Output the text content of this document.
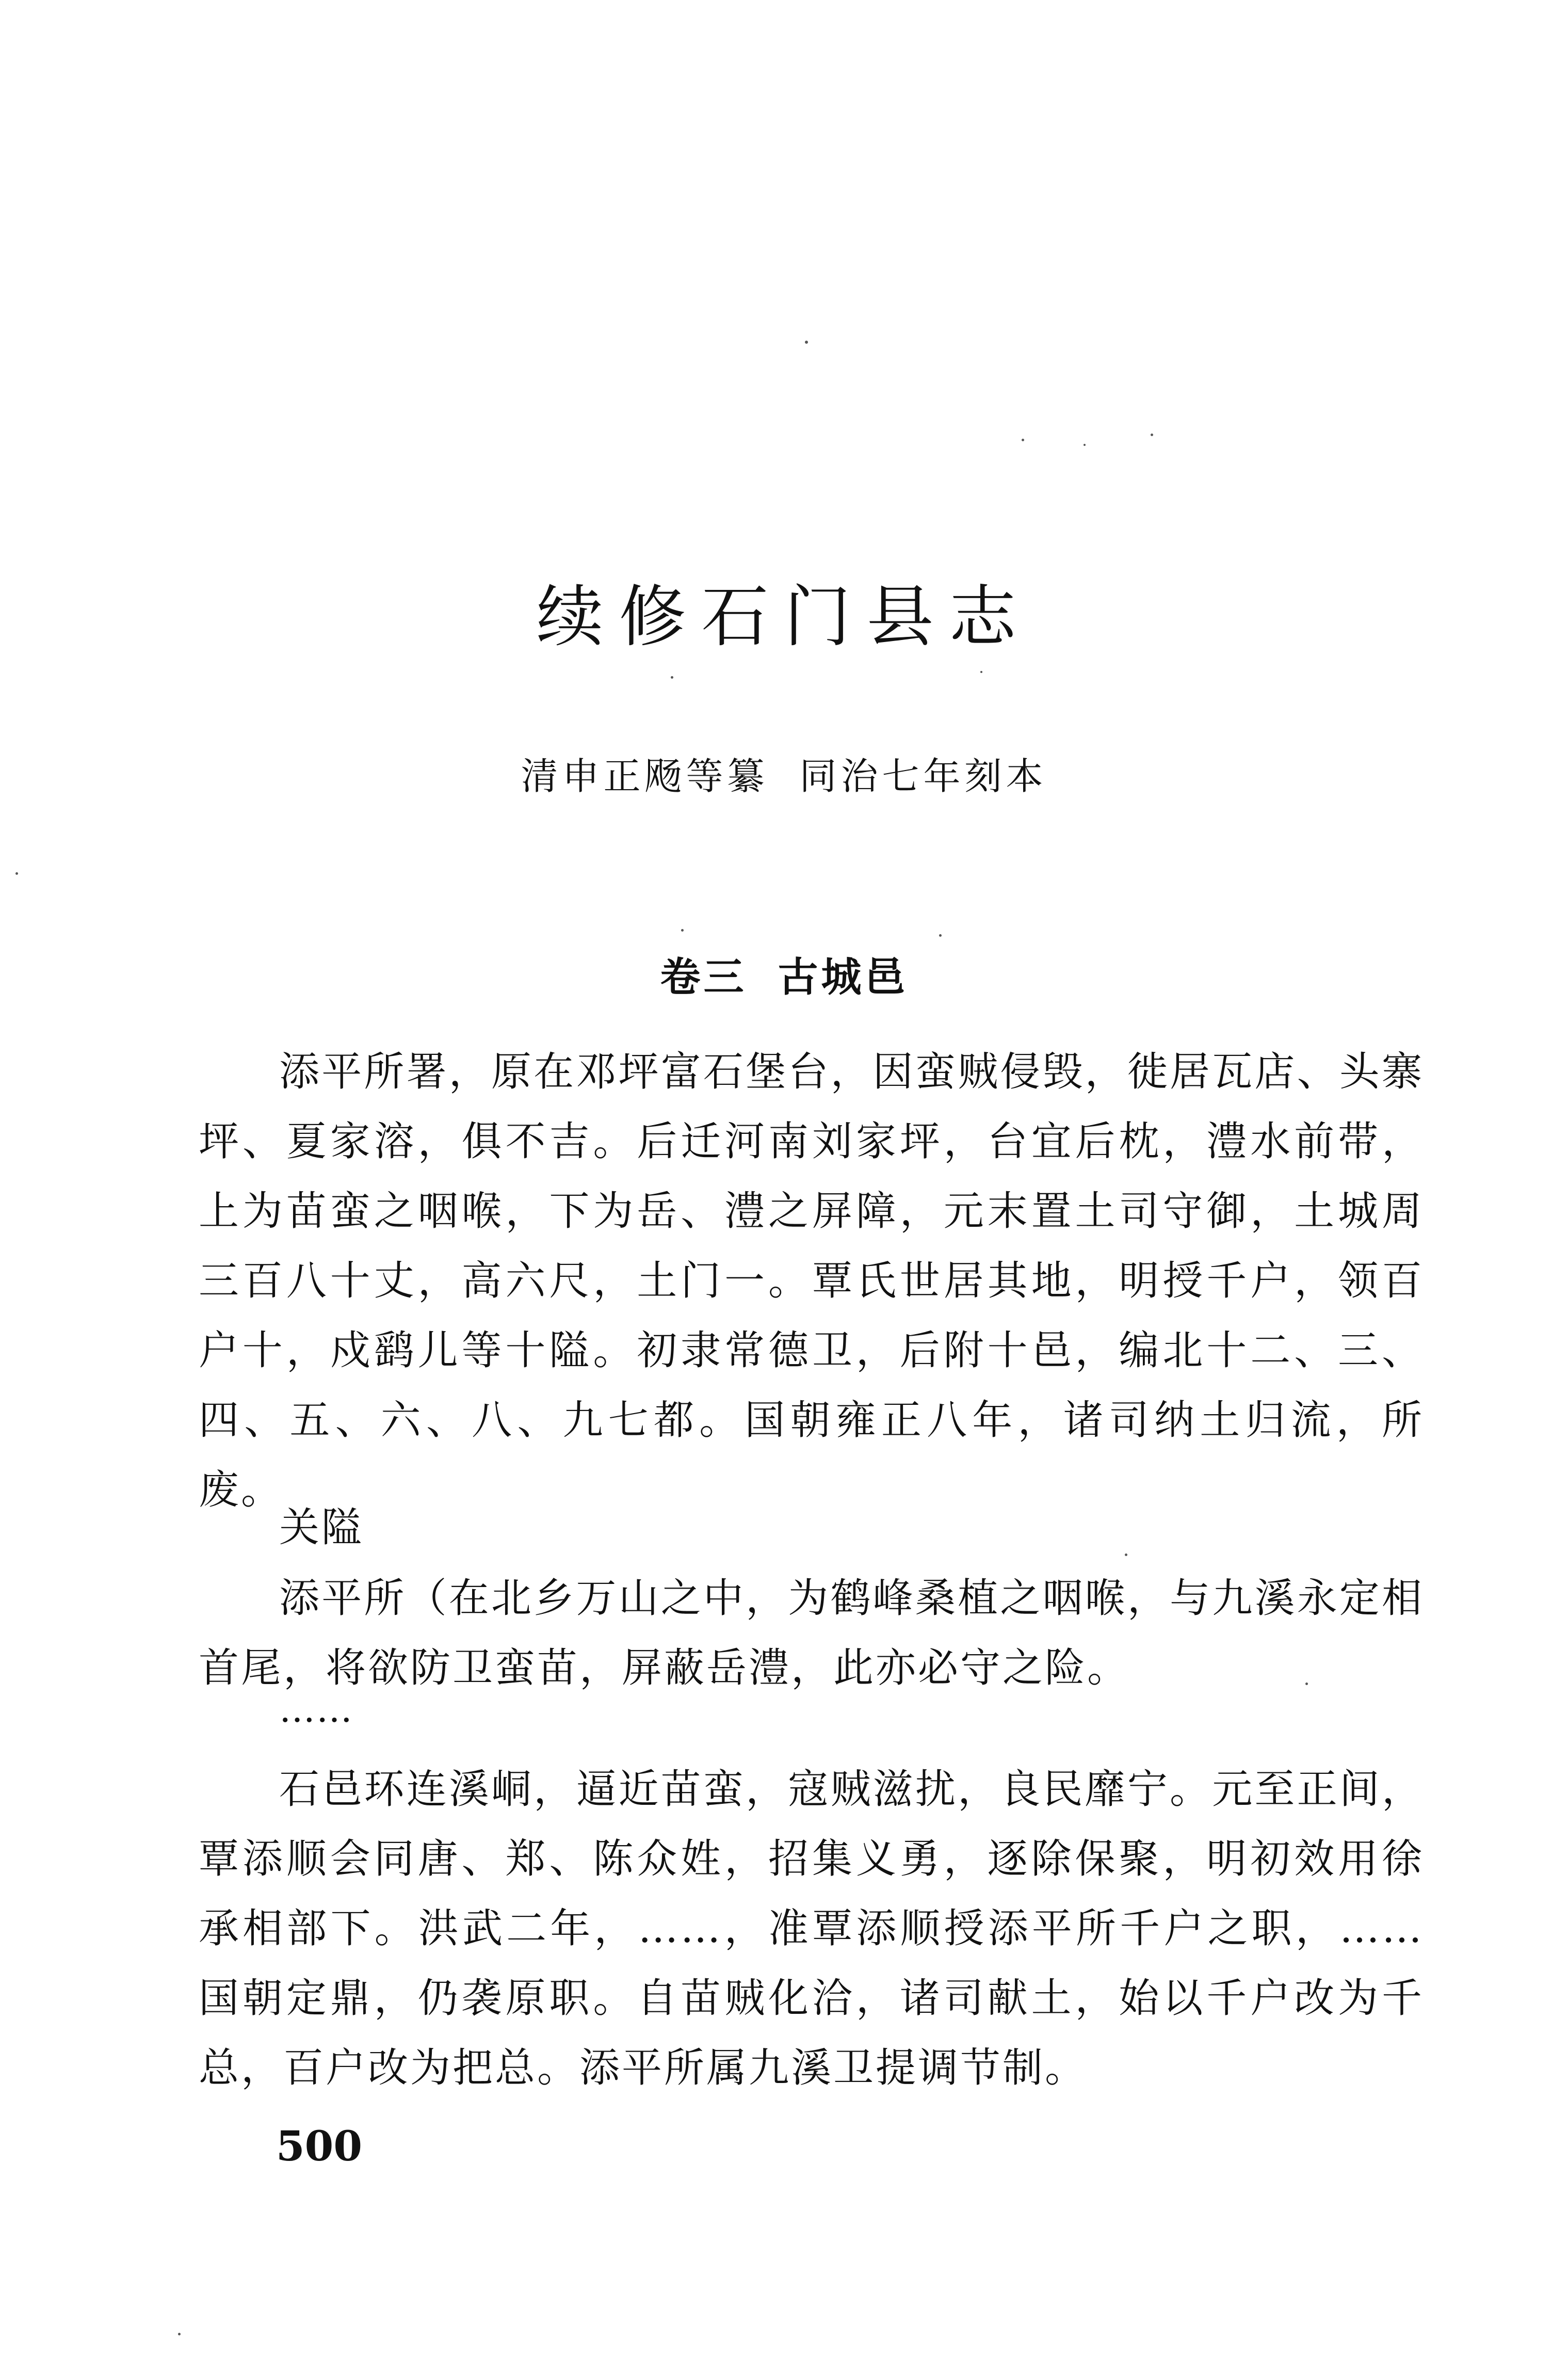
续修石门县志
清申正飏等纂 同治七年刻本
卷三 古城邑

添平所署，原在邓坪富石堡台，因蛮贼侵毁，徙居瓦店、头寨坪、夏家溶，俱不吉。后迁河南刘家坪，台宜后枕，澧水前带，上为苗蛮之咽喉，下为岳、澧之屏障，元末置土司守御，土城周三百八十丈，高六尺，土门一。覃氏世居其地，明授千户，领百户十，戍鹞儿等十隘。初隶常德卫，后附十邑，编北十二、三、四、五、六、八、九七都。国朝雍正八年，诸司纳土归流，所废。

关隘

添平所（在北乡万山之中，为鹤峰桑植之咽喉，与九溪永定相首尾，将欲防卫蛮苗，屏蔽岳澧，此亦必守之险。

……

石邑环连溪峒，逼近苗蛮，寇贼滋扰，良民靡宁。元至正间，覃添顺会同唐、郑、陈众姓，招集义勇，逐除保聚，明初效用徐承相部下。洪武二年，……，准覃添顺授添平所千户之职，……国朝定鼎，仍袭原职。自苗贼化洽，诸司献土，始以千户改为千总，百户改为把总。添平所属九溪卫提调节制。

500
